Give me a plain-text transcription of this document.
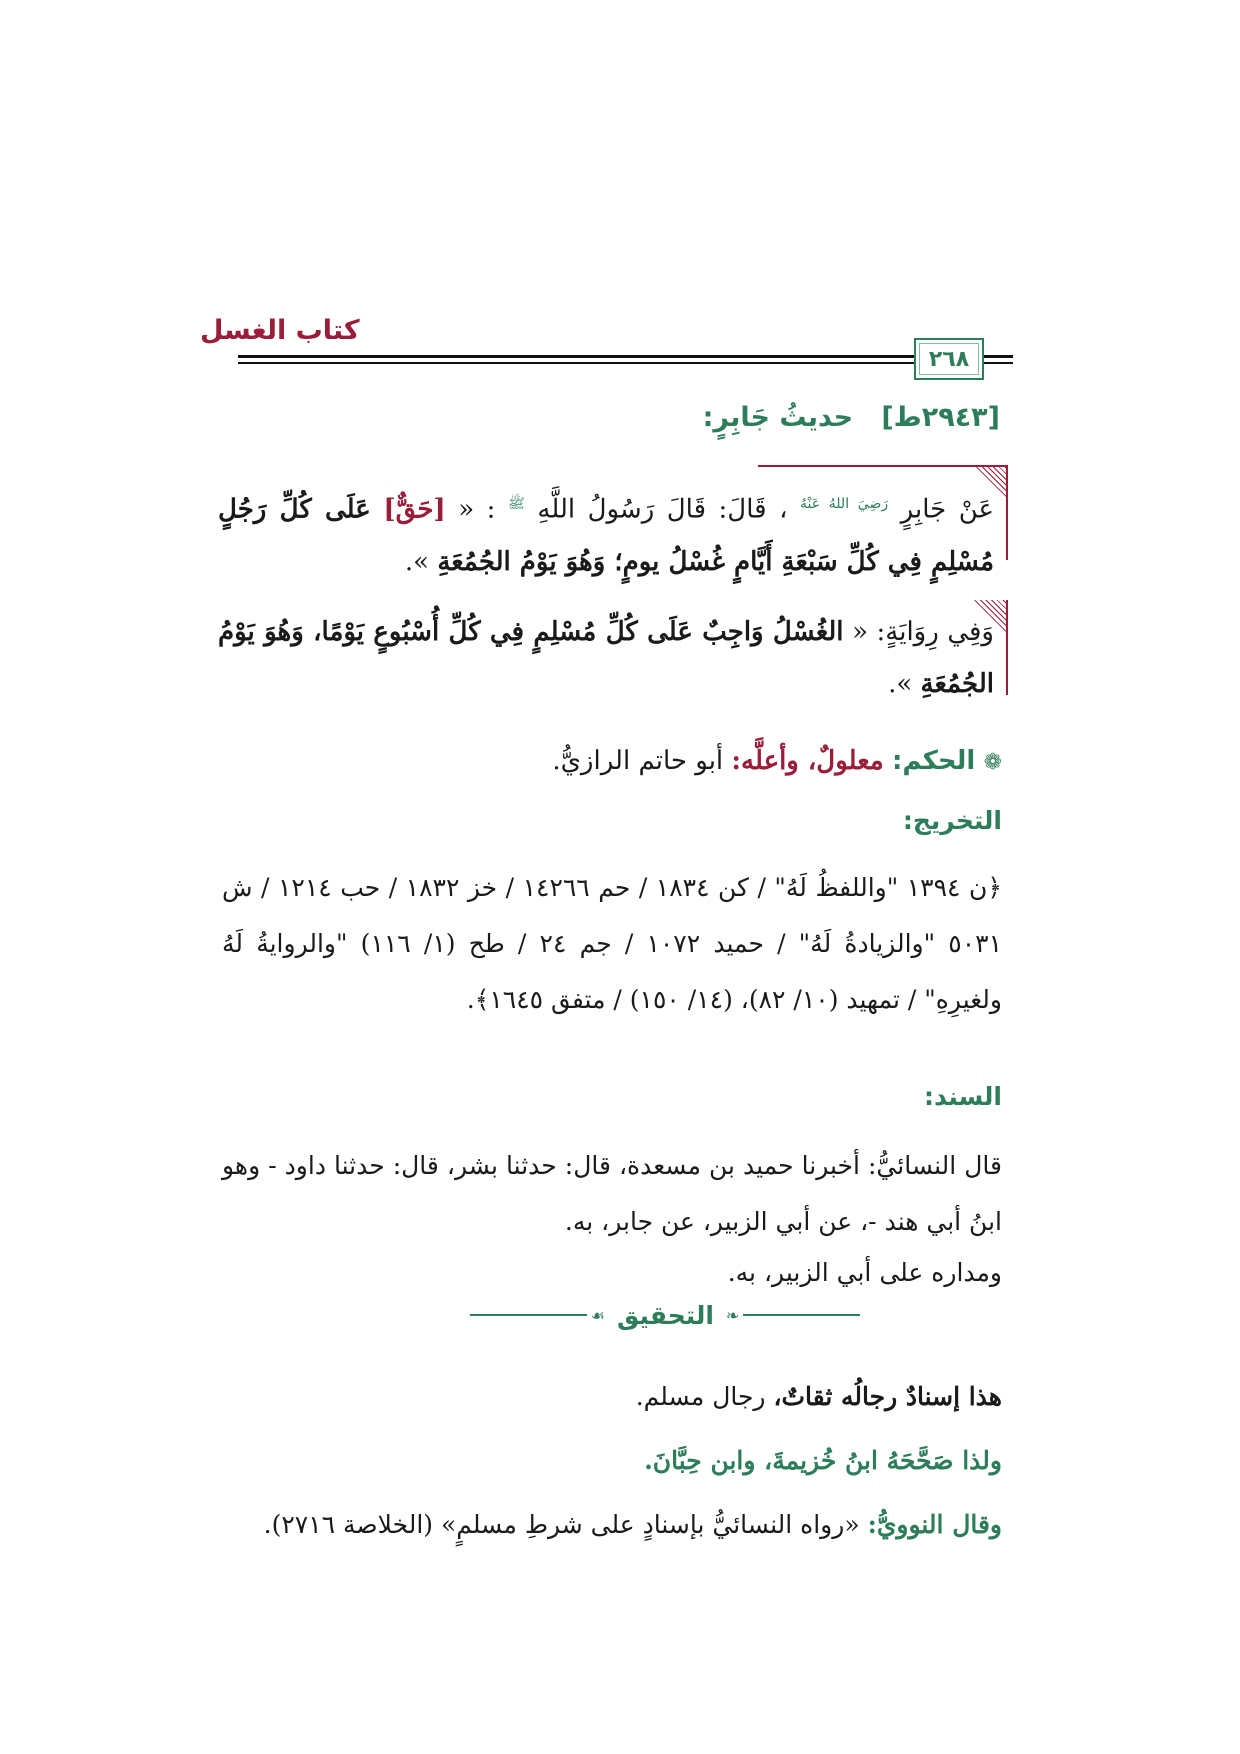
كتاب الغسل
٢٦٨
[٢٩٤٣ط]   حديثُ جَابِرٍ:
عَنْ جَابِرٍ $^{رَضِيَ اللهُ عَنْهُ}$ ، قَالَ: قَالَ رَسُولُ اللَّهِ $^ﷺ$ : « [حَقٌّ] عَلَى كُلِّ رَجُلٍ مُسْلِمٍ فِي كُلِّ سَبْعَةِ أَيَّامٍ غُسْلُ يومٍ؛ وَهُوَ يَوْمُ الجُمُعَةِ ».
وَفِي رِوَايَةٍ: « الغُسْلُ وَاجِبٌ عَلَى كُلِّ مُسْلِمٍ فِي كُلِّ أُسْبُوعٍ يَوْمًا، وَهُوَ يَوْمُ الجُمُعَةِ ».
❁ الحكم: معلولٌ، وأعلَّه: أبو حاتم الرازيُّ.
التخريج:
﴿ن ١٣٩٤ "واللفظُ لَهُ" / كن ١٨٣٤ / حم ١٤٢٦٦ / خز ١٨٣٢ / حب ١٢١٤ / ش ٥٠٣١ "والزيادةُ لَهُ" / حميد ١٠٧٢ / جم ٢٤ / طح (١/ ١١٦) "والروايةُ لَهُ ولغيرِهِ" / تمهيد (١٠/ ٨٢)، (١٤/ ١٥٠) / متفق ١٦٤٥﴾.
السند:
قال النسائيُّ: أخبرنا حميد بن مسعدة، قال: حدثنا بشر، قال: حدثنا داود - وهو ابنُ أبي هند -، عن أبي الزبير، عن جابر، به.
ومداره على أبي الزبير، به.
❧
التحقيق
☙
هذا إسنادٌ رجالُه ثقاتٌ، رجال مسلم.
ولذا صَحَّحَهُ ابنُ خُزيمةَ، وابن حِبَّانَ.
وقال النوويُّ: «رواه النسائيُّ بإسنادٍ على شرطِ مسلمٍ» (الخلاصة ٢٧١٦).
